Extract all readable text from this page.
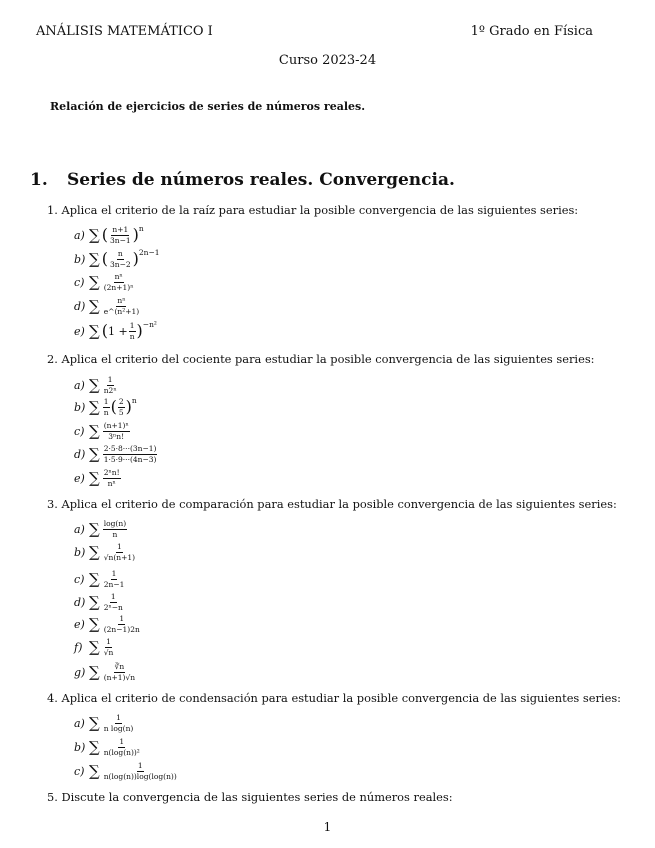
ANÁLISIS MATEMÁTICO I	1º Grado en Física
Curso 2023-24
Relación de ejercicios de series de números reales.
1. Series de números reales. Convergencia.
1. Aplica el criterio de la raíz para estudiar la posible convergencia de las siguientes series:
a) ∑ ( $\frac{n+1}{3n-1}$ ) n
b) ∑ ( $\frac{n}{3n-2}$ ) 2n−1
c) ∑ $\frac{\text{nⁿ}}{\text{(2n+1)ⁿ}}$
d) ∑ $\frac{\text{nⁿ}}{\text{e\textasciicircum{}(n²+1)}}$
e) ∑ ( $1 + \frac{1}{n}$ ) −n²
2. Aplica el criterio del cociente para estudiar la posible convergencia de las siguientes series:
a) ∑ $\frac{1}{\text{n2ⁿ}}$
b) ∑ $\frac{1}{n}$ ( $\frac{2}{5}$ ) n
c) ∑ $\frac{\text{(n+1)ⁿ}}{\text{3ⁿn!}}$
d) ∑ $\frac{2\cdot 5\cdot 8\cdot\cdot\cdot(3n-1)}{1\cdot 5\cdot 9\cdot\cdot\cdot(4n-3)}$
e) ∑ $\frac{\text{2ⁿn!}}{\text{nⁿ}}$
3. Aplica el criterio de comparación para estudiar la posible convergencia de las siguientes series:
a) ∑ $\frac{\log(n)}{n}$
b) ∑ $\frac{1}{√n(n+1)}$
c) ∑ $\frac{1}{2n-1}$
d) ∑ $\frac{1}{\text{2ⁿ−n}}$
e) ∑ $\frac{1}{(2n-1)2n}$
f) ∑ $\frac{1}{√n}$
g) ∑ $\frac{∛n}{(n+1)√n}$
4. Aplica el criterio de condensación para estudiar la posible convergencia de las siguientes series:
a) ∑ $\frac{1}{\text{n log(n)}}$
b) ∑ $\frac{1}{\text{n(log(n))²}}$
c) ∑ $\frac{1}{n(\log(n))\log(\log(n))}$
5. Discute la convergencia de las siguientes series de números reales:
1
